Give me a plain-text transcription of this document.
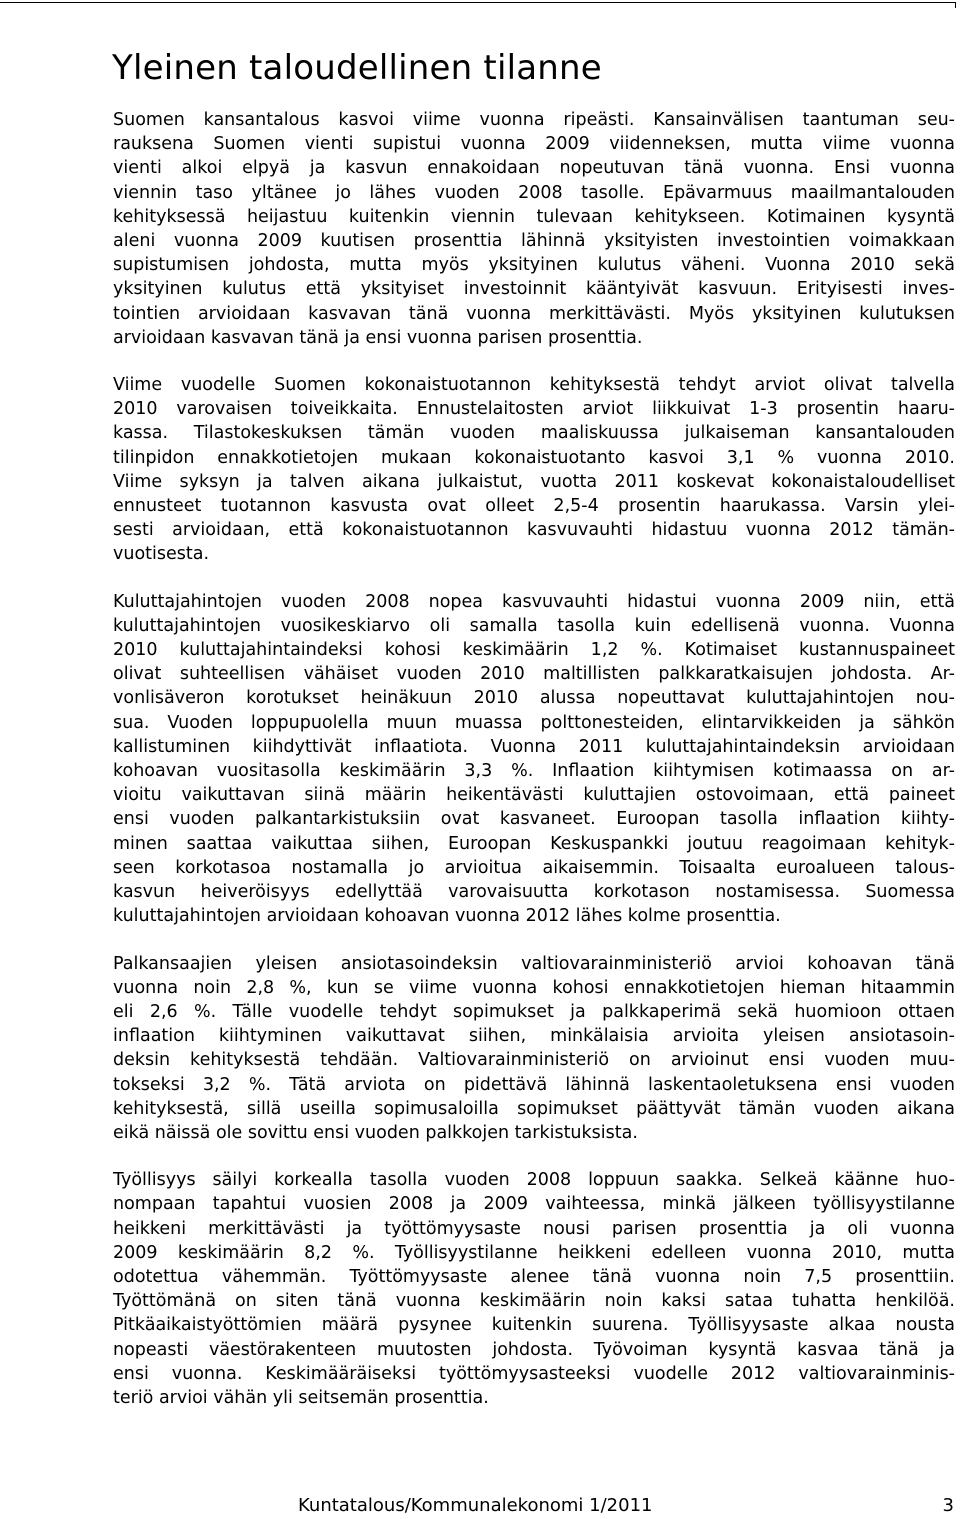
Yleinen taloudellinen tilanne
Suomen kansantalous kasvoi viime vuonna ripeästi. Kansainvälisen taantuman seu-
rauksena Suomen vienti supistui vuonna 2009 viidenneksen, mutta viime vuonna
vienti alkoi elpyä ja kasvun ennakoidaan nopeutuvan tänä vuonna. Ensi vuonna
viennin taso yltänee jo lähes vuoden 2008 tasolle. Epävarmuus maailmantalouden
kehityksessä heijastuu kuitenkin viennin tulevaan kehitykseen. Kotimainen kysyntä
aleni vuonna 2009 kuutisen prosenttia lähinnä yksityisten investointien voimakkaan
supistumisen johdosta, mutta myös yksityinen kulutus väheni. Vuonna 2010 sekä
yksityinen kulutus että yksityiset investoinnit kääntyivät kasvuun. Erityisesti inves-
tointien arvioidaan kasvavan tänä vuonna merkittävästi. Myös yksityinen kulutuksen
arvioidaan kasvavan tänä ja ensi vuonna parisen prosenttia.
Viime vuodelle Suomen kokonaistuotannon kehityksestä tehdyt arviot olivat talvella
2010 varovaisen toiveikkaita. Ennustelaitosten arviot liikkuivat 1-3 prosentin haaru-
kassa. Tilastokeskuksen tämän vuoden maaliskuussa julkaiseman kansantalouden
tilinpidon ennakkotietojen mukaan kokonaistuotanto kasvoi 3,1 % vuonna 2010.
Viime syksyn ja talven aikana julkaistut, vuotta 2011 koskevat kokonaistaloudelliset
ennusteet tuotannon kasvusta ovat olleet 2,5-4 prosentin haarukassa. Varsin ylei-
sesti arvioidaan, että kokonaistuotannon kasvuvauhti hidastuu vuonna 2012 tämän-
vuotisesta.
Kuluttajahintojen vuoden 2008 nopea kasvuvauhti hidastui vuonna 2009 niin, että
kuluttajahintojen vuosikeskiarvo oli samalla tasolla kuin edellisenä vuonna. Vuonna
2010 kuluttajahintaindeksi kohosi keskimäärin 1,2 %. Kotimaiset kustannuspaineet
olivat suhteellisen vähäiset vuoden 2010 maltillisten palkkaratkaisujen johdosta. Ar-
vonlisäveron korotukset heinäkuun 2010 alussa nopeuttavat kuluttajahintojen nou-
sua. Vuoden loppupuolella muun muassa polttonesteiden, elintarvikkeiden ja sähkön
kallistuminen kiihdyttivät inflaatiota. Vuonna 2011 kuluttajahintaindeksin arvioidaan
kohoavan vuositasolla keskimäärin 3,3 %. Inflaation kiihtymisen kotimaassa on ar-
vioitu vaikuttavan siinä määrin heikentävästi kuluttajien ostovoimaan, että paineet
ensi vuoden palkantarkistuksiin ovat kasvaneet. Euroopan tasolla inflaation kiihty-
minen saattaa vaikuttaa siihen, Euroopan Keskuspankki joutuu reagoimaan kehityk-
seen korkotasoa nostamalla jo arvioitua aikaisemmin. Toisaalta euroalueen talous-
kasvun heiveröisyys edellyttää varovaisuutta korkotason nostamisessa. Suomessa
kuluttajahintojen arvioidaan kohoavan vuonna 2012 lähes kolme prosenttia.
Palkansaajien yleisen ansiotasoindeksin valtiovarainministeriö arvioi kohoavan tänä
vuonna noin 2,8 %, kun se viime vuonna kohosi ennakkotietojen hieman hitaammin
eli 2,6 %. Tälle vuodelle tehdyt sopimukset ja palkkaperimä sekä huomioon ottaen
inflaation kiihtyminen vaikuttavat siihen, minkälaisia arvioita yleisen ansiotasoin-
deksin kehityksestä tehdään. Valtiovarainministeriö on arvioinut ensi vuoden muu-
tokseksi 3,2 %. Tätä arviota on pidettävä lähinnä laskentaoletuksena ensi vuoden
kehityksestä, sillä useilla sopimusaloilla sopimukset päättyvät tämän vuoden aikana
eikä näissä ole sovittu ensi vuoden palkkojen tarkistuksista.
Työllisyys säilyi korkealla tasolla vuoden 2008 loppuun saakka. Selkeä käänne huo-
nompaan tapahtui vuosien 2008 ja 2009 vaihteessa, minkä jälkeen työllisyystilanne
heikkeni merkittävästi ja työttömyysaste nousi parisen prosenttia ja oli vuonna
2009 keskimäärin 8,2 %. Työllisyystilanne heikkeni edelleen vuonna 2010, mutta
odotettua vähemmän. Työttömyysaste alenee tänä vuonna noin 7,5 prosenttiin.
Työttömänä on siten tänä vuonna keskimäärin noin kaksi sataa tuhatta henkilöä.
Pitkäaikaistyöttömien määrä pysynee kuitenkin suurena. Työllisyysaste alkaa nousta
nopeasti väestörakenteen muutosten johdosta. Työvoiman kysyntä kasvaa tänä ja
ensi vuonna. Keskimääräiseksi työttömyysasteeksi vuodelle 2012 valtiovarainminis-
teriö arvioi vähän yli seitsemän prosenttia.
Kuntatalous/Kommunalekonomi 1/2011	3
